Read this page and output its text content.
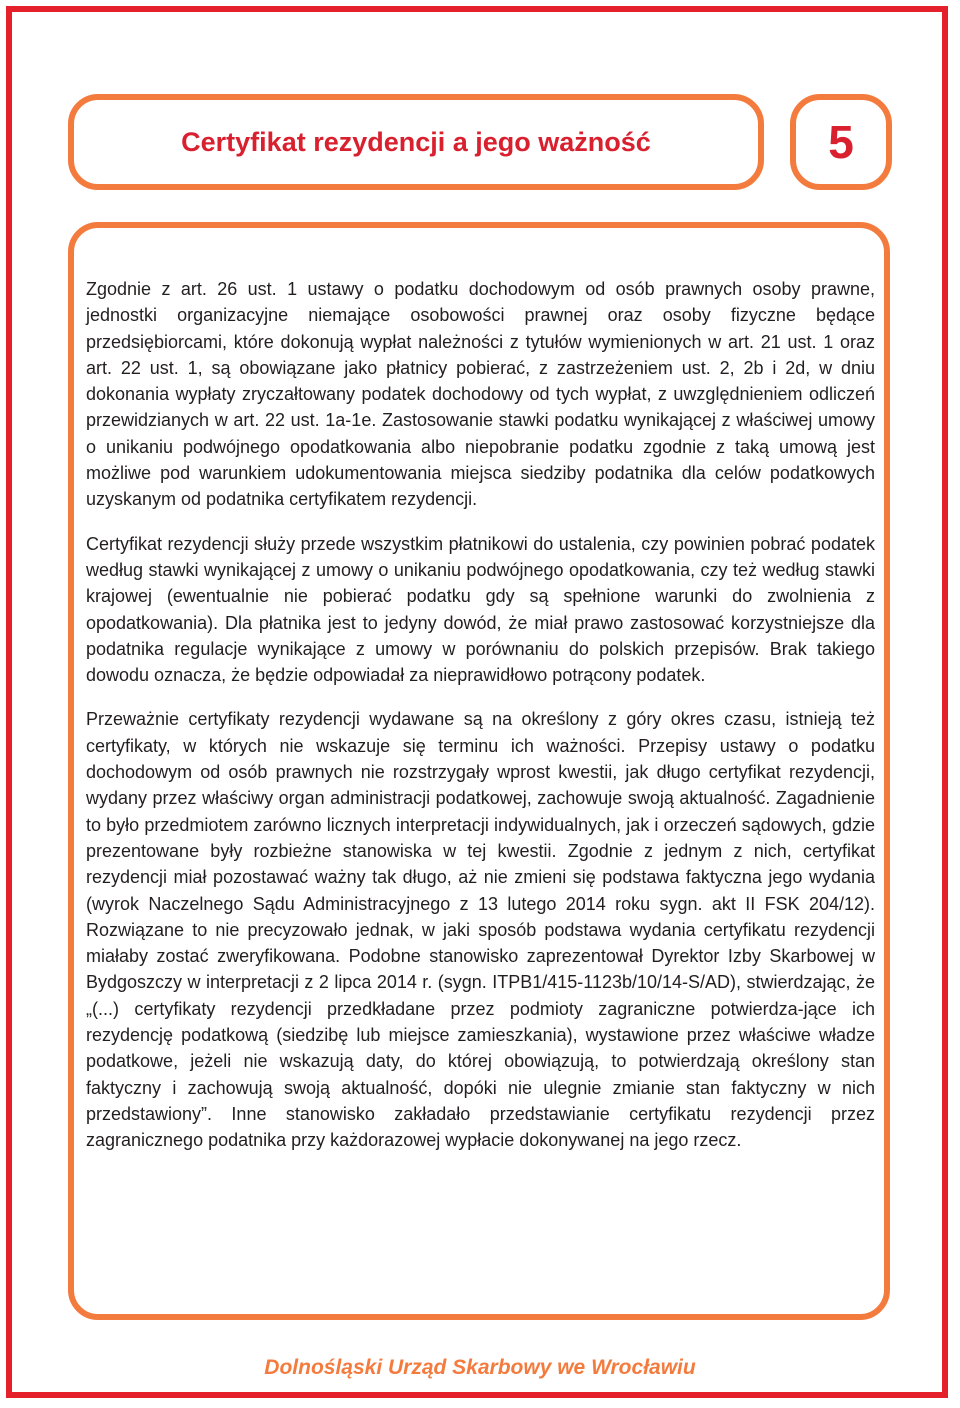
Certyfikat rezydencji a jego ważność	5

Zgodnie z art. 26 ust. 1 ustawy o podatku dochodowym od osób prawnych osoby prawne, jednostki organizacyjne niemające osobowości prawnej oraz osoby fizyczne będące przedsiębiorcami, które dokonują wypłat należności z tytułów wymienionych w art. 21 ust. 1 oraz art. 22 ust. 1, są obowiązane jako płatnicy pobierać, z zastrzeżeniem ust. 2, 2b i 2d, w dniu dokonania wypłaty zryczałtowany podatek dochodowy od tych wypłat, z uwzględnieniem odliczeń przewidzianych w art. 22 ust. 1a-1e. Zastosowanie stawki podatku wynikającej z właściwej umowy o unikaniu podwójnego opodatkowania albo niepobranie podatku zgodnie z taką umową jest możliwe pod warunkiem udokumentowania miejsca siedziby podatnika dla celów podatkowych uzyskanym od podatnika certyfikatem rezydencji.

Certyfikat rezydencji służy przede wszystkim płatnikowi do ustalenia, czy powinien pobrać podatek według stawki wynikającej z umowy o unikaniu podwójnego opodatkowania, czy też według stawki krajowej (ewentualnie nie pobierać podatku gdy są spełnione warunki do zwolnienia z opodatkowania). Dla płatnika jest to jedyny dowód, że miał prawo zastosować korzystniejsze dla podatnika regulacje wynikające z umowy w porównaniu do polskich przepisów. Brak takiego dowodu oznacza, że będzie odpowiadał za nieprawidłowo potrącony podatek.

Przeważnie certyfikaty rezydencji wydawane są na określony z góry okres czasu, istnieją też certyfikaty, w których nie wskazuje się terminu ich ważności. Przepisy ustawy o podatku dochodowym od osób prawnych nie rozstrzygały wprost kwestii, jak długo certyfikat rezydencji, wydany przez właściwy organ administracji podatkowej, zachowuje swoją aktualność. Zagadnienie to było przedmiotem zarówno licznych interpretacji indywidualnych, jak i orzeczeń sądowych, gdzie prezentowane były rozbieżne stanowiska w tej kwestii. Zgodnie z jednym z nich, certyfikat rezydencji miał pozostawać ważny tak długo, aż nie zmieni się podstawa faktyczna jego wydania (wyrok Naczelnego Sądu Administracyjnego z 13 lutego 2014 roku sygn. akt II FSK 204/12). Rozwiązane to nie precyzowało jednak, w jaki sposób podstawa wydania certyfikatu rezydencji miałaby zostać zweryfikowana. Podobne stanowisko zaprezentował Dyrektor Izby Skarbowej w Bydgoszczy w interpretacji z 2 lipca 2014 r. (sygn. ITPB1/415-1123b/10/14-S/AD), stwierdzając, że „(...) certyfikaty rezydencji przedkładane przez podmioty zagraniczne potwierdza-jące ich rezydencję podatkową (siedzibę lub miejsce zamieszkania), wystawione przez właściwe władze podatkowe, jeżeli nie wskazują daty, do której obowiązują, to potwierdzają określony stan faktyczny i zachowują swoją aktualność, dopóki nie ulegnie zmianie stan faktyczny w nich przedstawiony”. Inne stanowisko zakładało przedstawianie certyfikatu rezydencji przez zagranicznego podatnika przy każdorazowej wypłacie dokonywanej na jego rzecz.

Dolnośląski Urząd Skarbowy we Wrocławiu
